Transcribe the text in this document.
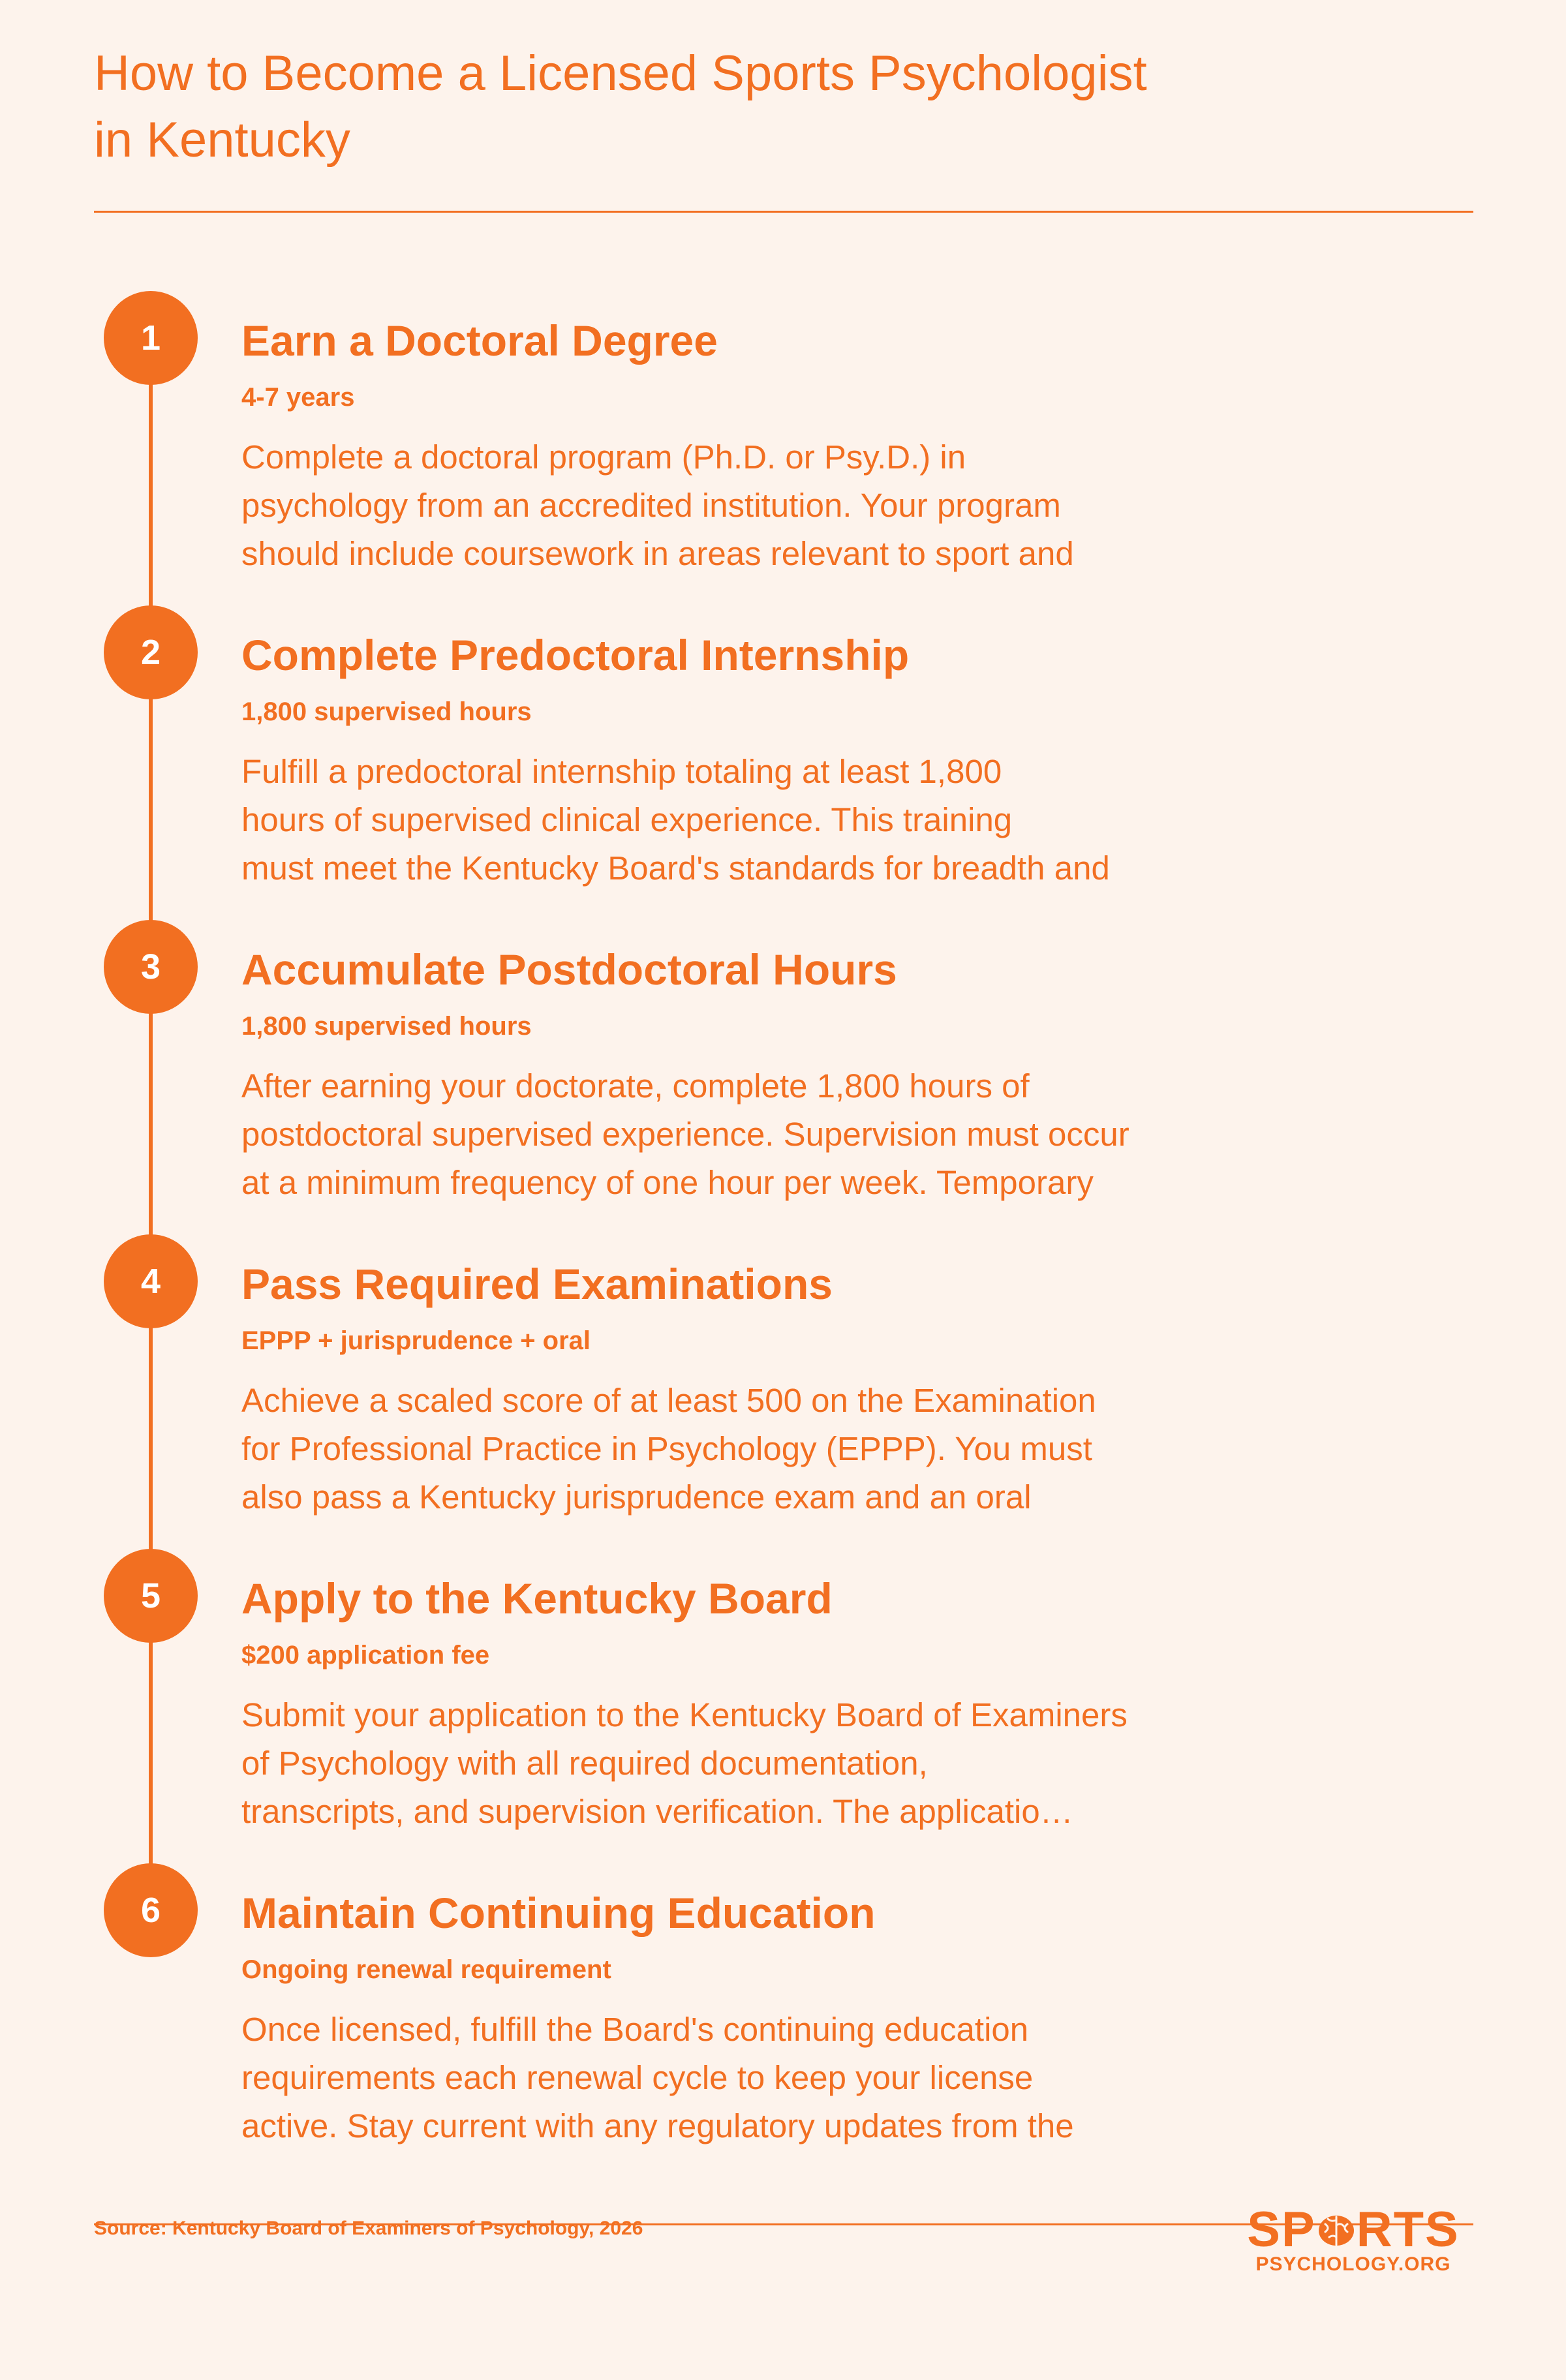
How to Become a Licensed Sports Psychologist
in Kentucky
1	Earn a Doctoral Degree
4-7 years
Complete a doctoral program (Ph.D. or Psy.D.) in
psychology from an accredited institution. Your program
should include coursework in areas relevant to sport and
2	Complete Predoctoral Internship
1,800 supervised hours
Fulfill a predoctoral internship totaling at least 1,800
hours of supervised clinical experience. This training
must meet the Kentucky Board's standards for breadth and
3	Accumulate Postdoctoral Hours
1,800 supervised hours
After earning your doctorate, complete 1,800 hours of
postdoctoral supervised experience. Supervision must occur
at a minimum frequency of one hour per week. Temporary
4	Pass Required Examinations
EPPP + jurisprudence + oral
Achieve a scaled score of at least 500 on the Examination
for Professional Practice in Psychology (EPPP). You must
also pass a Kentucky jurisprudence exam and an oral
5	Apply to the Kentucky Board
$200 application fee
Submit your application to the Kentucky Board of Examiners
of Psychology with all required documentation,
transcripts, and supervision verification. The applicatio…
6	Maintain Continuing Education
Ongoing renewal requirement
Once licensed, fulfill the Board's continuing education
requirements each renewal cycle to keep your license
active. Stay current with any regulatory updates from the
Source: Kentucky Board of Examiners of Psychology, 2026	SP RTS
PSYCHOLOGY.ORG
